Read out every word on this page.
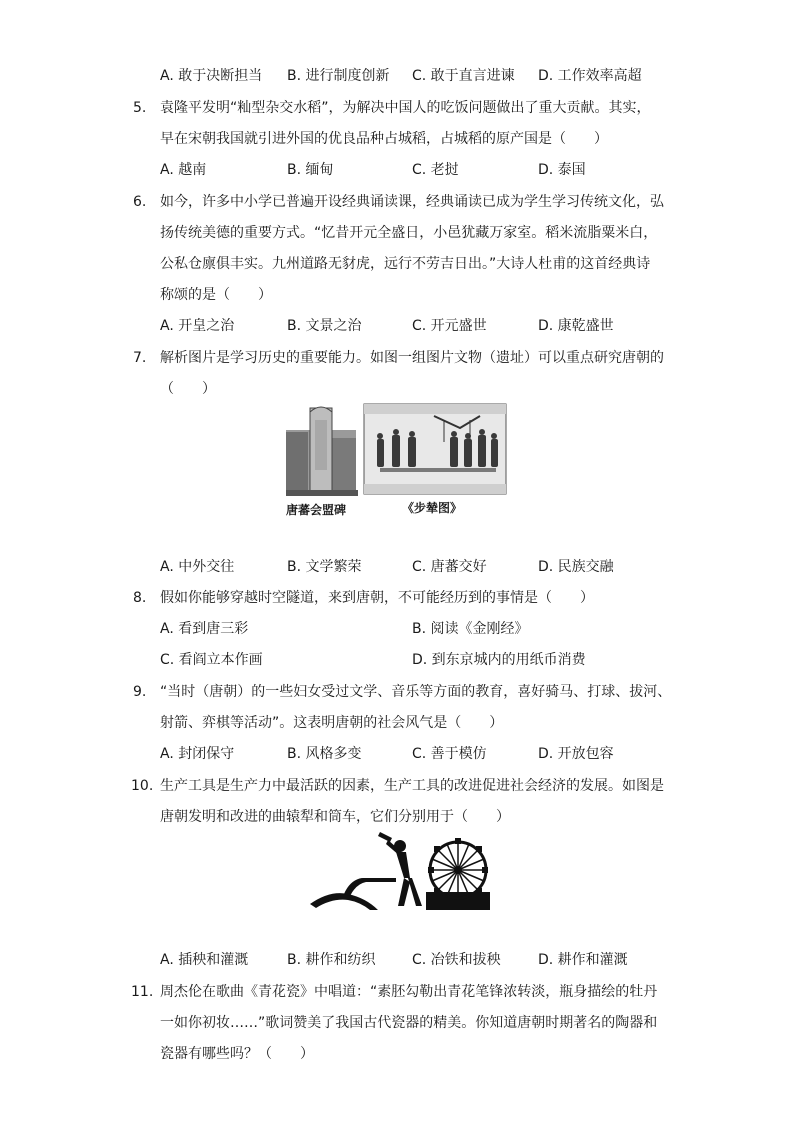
A. 敢于决断担当 B. 进行制度创新 C. 敢于直言进谏 D. 工作效率高超
5. 袁隆平发明“籼型杂交水稻”，为解决中国人的吃饭问题做出了重大贡献。其实，
早在宋朝我国就引进外国的优良品种占城稻，占城稻的原产国是（　　）
A. 越南	B. 缅甸	C. 老挝	D. 泰国
6. 如今，许多中小学已普遍开设经典诵读课，经典诵读已成为学生学习传统文化，弘
扬传统美德的重要方式。“忆昔开元全盛日，小邑犹藏万家室。稻米流脂粟米白，
公私仓廪俱丰实。九州道路无豺虎，远行不劳吉日出。”大诗人杜甫的这首经典诗
称颂的是（　　）
A. 开皇之治	B. 文景之治	C. 开元盛世	D. 康乾盛世
7. 解析图片是学习历史的重要能力。如图一组图片文物（遗址）可以重点研究唐朝的
（　　）
唐蕃会盟碑	《步辇图》
A. 中外交往	B. 文学繁荣	C. 唐蕃交好	D. 民族交融
8. 假如你能够穿越时空隧道，来到唐朝，不可能经历到的事情是（　　）
A. 看到唐三彩	B. 阅读《金刚经》
C. 看阎立本作画	D. 到东京城内的用纸币消费
9. “当时（唐朝）的一些妇女受过文学、音乐等方面的教育，喜好骑马、打球、拔河、
射箭、弈棋等活动”。这表明唐朝的社会风气是（　　）
A. 封闭保守	B. 风格多变	C. 善于模仿	D. 开放包容
10. 生产工具是生产力中最活跃的因素，生产工具的改进促进社会经济的发展。如图是
唐朝发明和改进的曲辕犁和筒车，它们分别用于（　　）
A. 插秧和灌溉	B. 耕作和纺织	C. 冶铁和拔秧	D. 耕作和灌溉
11. 周杰伦在歌曲《青花瓷》中唱道：“素胚勾勒出青花笔锋浓转淡，瓶身描绘的牡丹
一如你初妆……”歌词赞美了我国古代瓷器的精美。你知道唐朝时期著名的陶器和
瓷器有哪些吗？（　　）
